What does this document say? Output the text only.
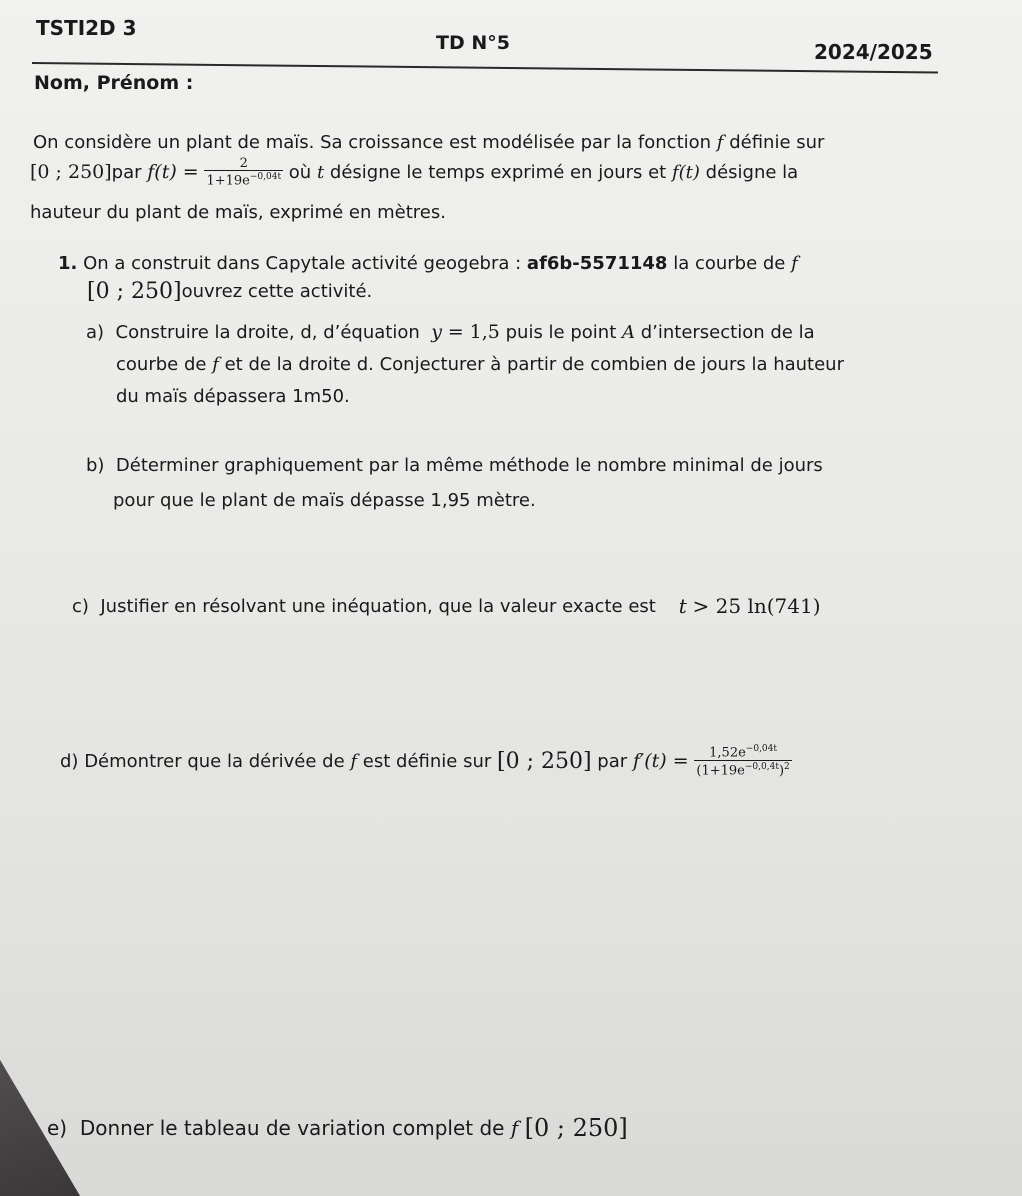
TSTI2D 3
TD N°5	2024/2025
Nom, Prénom :
On considère un plant de maïs. Sa croissance est modélisée par la fonction f définie sur
[0 ; 250] par
f(t) =
$\frac{2}{1+19e^{-0,04t}}$
où
t
désigne le temps exprimé en jours et
f(t)
désigne la
hauteur du plant de maïs, exprimé en mètres.
1. On a construit dans Capytale activité geogebra : af6b-5571148 la courbe de f
[0 ; 250] ouvrez cette activité.
a) Construire la droite, d, d’équation y = 1,5 puis le point A d’intersection de la
courbe de f et de la droite d. Conjecturer à partir de combien de jours la hauteur
du maïs dépassera 1m50.
b) Déterminer graphiquement par la même méthode le nombre minimal de jours
pour que le plant de maïs dépasse 1,95 mètre.
c)
Justifier en résolvant une inéquation, que la valeur exacte est
t
> 25 ln(741)
d)
Démontrer que la dérivée de
f
est définie sur
[0 ; 250]
par
f′(t) =
$\frac{1,52e^{-0,04t}}{(1+19e^{-0,0,4t})^2}$
e)
Donner le tableau de variation complet de
f
[0 ; 250]
